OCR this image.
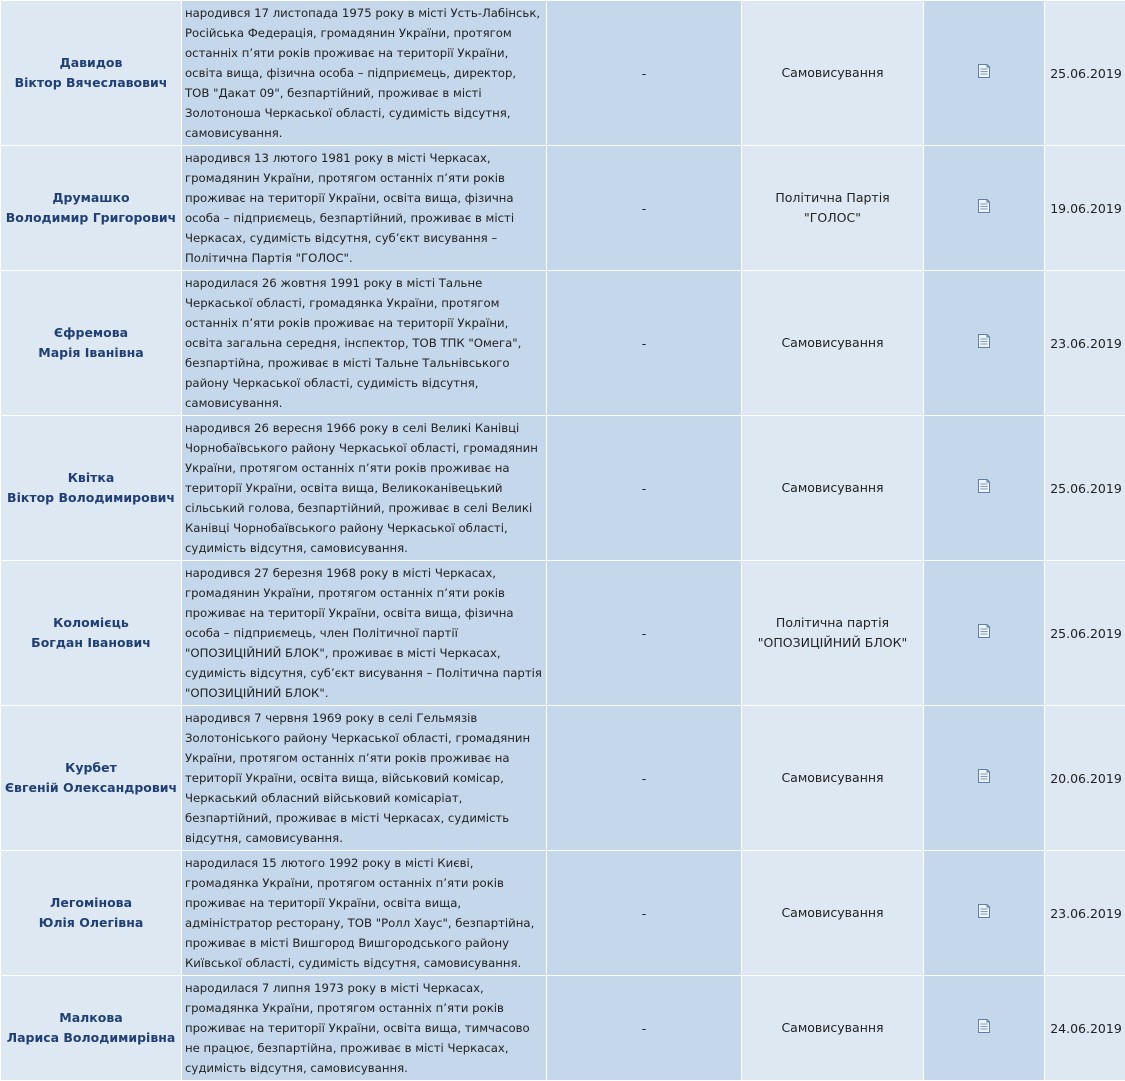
Давидов
Віктор Вячеславович	народився 17 листопада 1975 року в місті Усть-Лабінськ, Російська Федерація, громадянин України, протягом останніх п’яти років проживає на території України, освіта вища, фізична особа – підприємець, директор, ТОВ "Дакат 09", безпартійний, проживає в місті Золотоноша Черкаської області, судимість відсутня, самовисування.	-	Самовисування		25.06.2019

Друмашко
Володимир Григорович	народився 13 лютого 1981 року в місті Черкасах, громадянин України, протягом останніх п’яти років проживає на території України, освіта вища, фізична особа – підприємець, безпартійний, проживає в місті Черкасах, судимість відсутня, суб’єкт висування – Політична Партія "ГОЛОС".	-	Політична Партія "ГОЛОС"		19.06.2019

Єфремова
Марія Іванівна	народилася 26 жовтня 1991 року в місті Тальне Черкаської області, громадянка України, протягом останніх п’яти років проживає на території України, освіта загальна середня, інспектор, ТОВ ТПК "Омега", безпартійна, проживає в місті Тальне Тальнівського району Черкаської області, судимість відсутня, самовисування.	-	Самовисування		23.06.2019

Квітка
Віктор Володимирович	народився 26 вересня 1966 року в селі Великі Канівці Чорнобаївського району Черкаської області, громадянин України, протягом останніх п’яти років проживає на території України, освіта вища, Великоканівецький сільський голова, безпартійний, проживає в селі Великі Канівці Чорнобаївського району Черкаської області, судимість відсутня, самовисування.	-	Самовисування		25.06.2019

Коломієць
Богдан Іванович	народився 27 березня 1968 року в місті Черкасах, громадянин України, протягом останніх п’яти років проживає на території України, освіта вища, фізична особа – підприємець, член Політичної партії "ОПОЗИЦІЙНИЙ БЛОК", проживає в місті Черкасах, судимість відсутня, суб’єкт висування – Політична партія "ОПОЗИЦІЙНИЙ БЛОК".	-	Політична партія "ОПОЗИЦІЙНИЙ БЛОК"		25.06.2019

Курбет
Євгеній Олександрович	народився 7 червня 1969 року в селі Гельмязів Золотоніського району Черкаської області, громадянин України, протягом останніх п’яти років проживає на території України, освіта вища, військовий комісар, Черкаський обласний військовий комісаріат, безпартійний, проживає в місті Черкасах, судимість відсутня, самовисування.	-	Самовисування		20.06.2019

Легомінова
Юлія Олегівна	народилася 15 лютого 1992 року в місті Києві, громадянка України, протягом останніх п’яти років проживає на території України, освіта вища, адміністратор ресторану, ТОВ "Ролл Хаус", безпартійна, проживає в місті Вишгород Вишгородського району Київської області, судимість відсутня, самовисування.	-	Самовисування		23.06.2019

Малкова
Лариса Володимирівна	народилася 7 липня 1973 року в місті Черкасах, громадянка України, протягом останніх п’яти років проживає на території України, освіта вища, тимчасово не працює, безпартійна, проживає в місті Черкасах, судимість відсутня, самовисування.	-	Самовисування		24.06.2019
